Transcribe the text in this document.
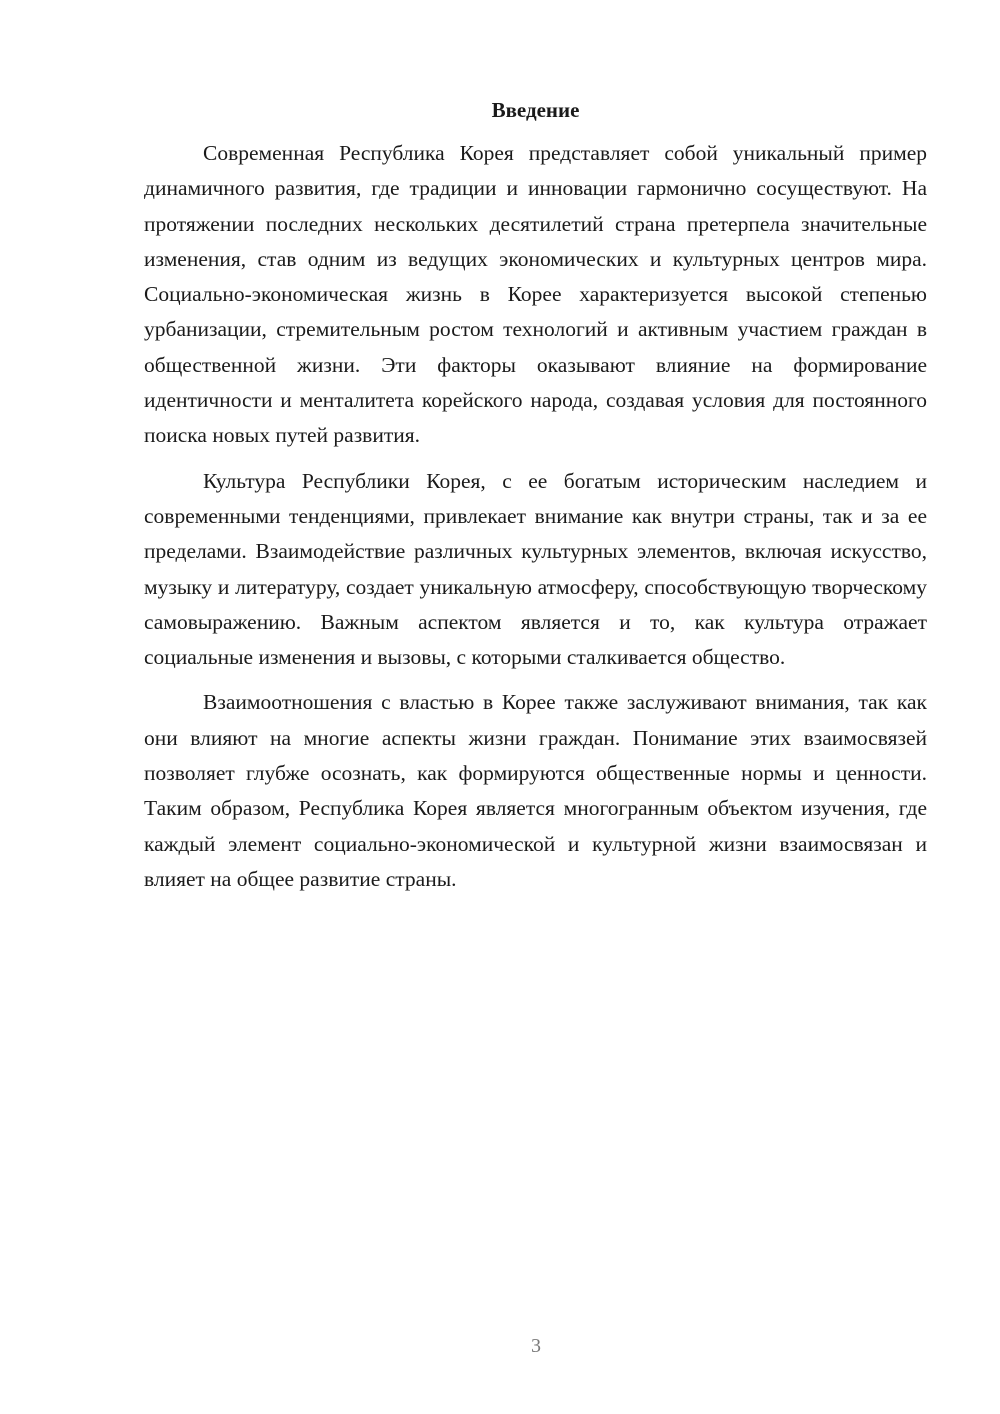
Введение

Современная Республика Корея представляет собой уникальный пример динамичного развития, где традиции и инновации гармонично сосуществуют. На протяжении последних нескольких десятилетий страна претерпела значительные изменения, став одним из ведущих экономических и культурных центров мира. Социально-экономическая жизнь в Корее характеризуется высокой степенью урбанизации, стремительным ростом технологий и активным участием граждан в общественной жизни. Эти факторы оказывают влияние на формирование идентичности и менталитета корейского народа, создавая условия для постоянного поиска новых путей развития.

Культура Республики Корея, с ее богатым историческим наследием и современными тенденциями, привлекает внимание как внутри страны, так и за ее пределами. Взаимодействие различных культурных элементов, включая искусство, музыку и литературу, создает уникальную атмосферу, способствующую творческому самовыражению. Важным аспектом является и то, как культура отражает социальные изменения и вызовы, с которыми сталкивается общество.

Взаимоотношения с властью в Корее также заслуживают внимания, так как они влияют на многие аспекты жизни граждан. Понимание этих взаимосвязей позволяет глубже осознать, как формируются общественные нормы и ценности. Таким образом, Республика Корея является многогранным объектом изучения, где каждый элемент социально-экономической и культурной жизни взаимосвязан и влияет на общее развитие страны.

3
